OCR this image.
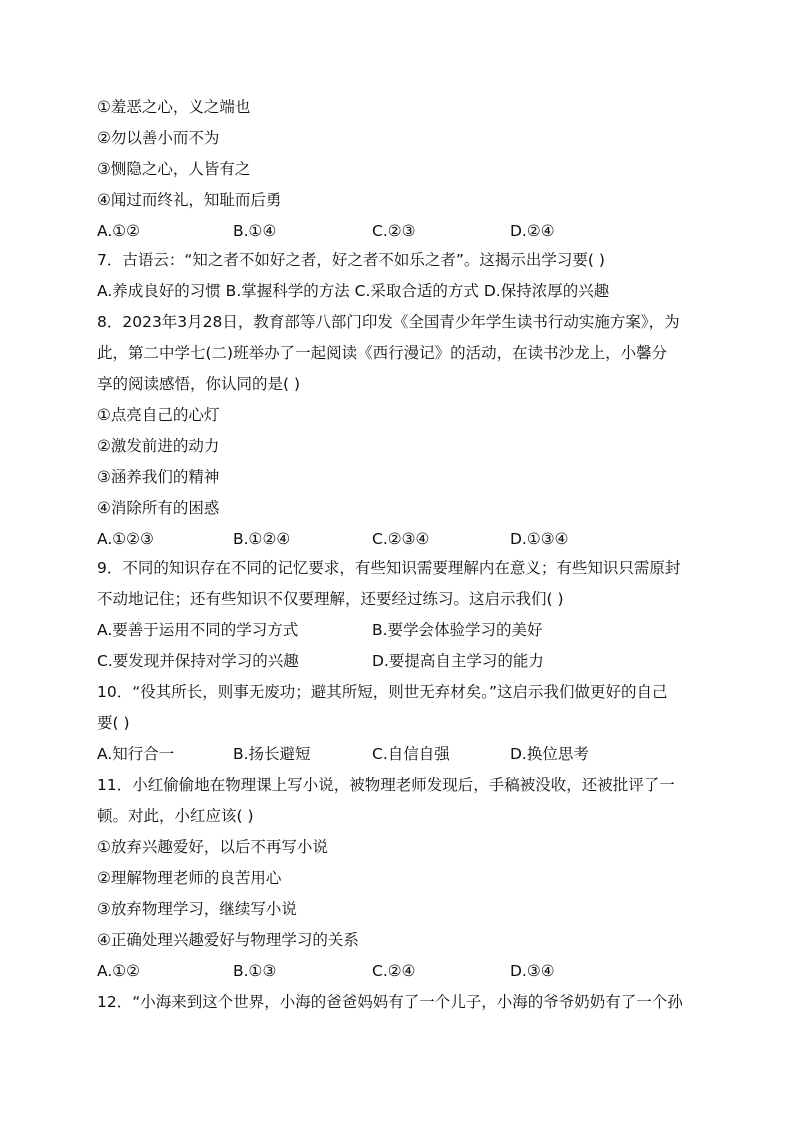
①羞恶之心，义之端也
②勿以善小而不为
③恻隐之心，人皆有之
④闻过而终礼，知耻而后勇
A.①②	B.①④	C.②③	D.②④
7．古语云：“知之者不如好之者，好之者不如乐之者”。这揭示出学习要( )
A.养成良好的习惯 B.掌握科学的方法 C.采取合适的方式 D.保持浓厚的兴趣
8．2023年3月28日，教育部等八部门印发《全国青少年学生读书行动实施方案》，为
此，第二中学七(二)班举办了一起阅读《西行漫记》的活动，在读书沙龙上，小馨分
享的阅读感悟，你认同的是( )
①点亮自己的心灯
②激发前进的动力
③涵养我们的精神
④消除所有的困惑
A.①②③	B.①②④	C.②③④	D.①③④
9．不同的知识存在不同的记忆要求，有些知识需要理解内在意义；有些知识只需原封
不动地记住；还有些知识不仅要理解，还要经过练习。这启示我们( )
A.要善于运用不同的学习方式	B.要学会体验学习的美好
C.要发现并保持对学习的兴趣	D.要提高自主学习的能力
10．“役其所长，则事无废功；避其所短，则世无弃材矣。”这启示我们做更好的自己
要( )
A.知行合一	B.扬长避短	C.自信自强	D.换位思考
11．小红偷偷地在物理课上写小说，被物理老师发现后，手稿被没收，还被批评了一
顿。对此，小红应该( )
①放弃兴趣爱好，以后不再写小说
②理解物理老师的良苦用心
③放弃物理学习，继续写小说
④正确处理兴趣爱好与物理学习的关系
A.①②	B.①③	C.②④	D.③④
12．“小海来到这个世界，小海的爸爸妈妈有了一个儿子，小海的爷爷奶奶有了一个孙
